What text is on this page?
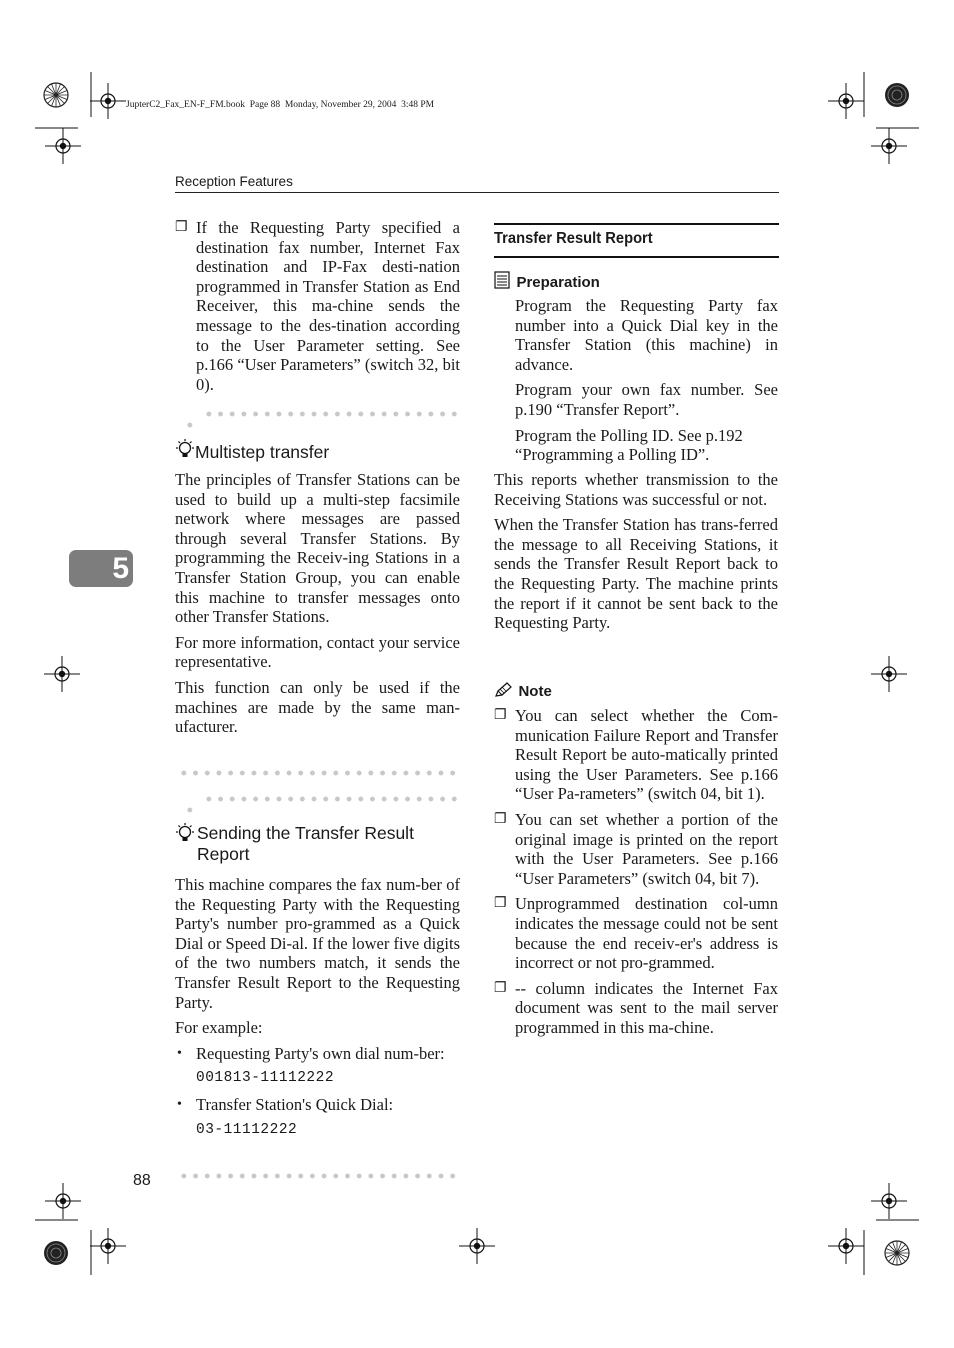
JupterC2_Fax_EN-F_FM.book  Page 88  Monday, November 29, 2004  3:48 PM
Reception Features
5
❐ If the Requesting Party specified a destination fax number, Internet Fax destination and IP-Fax desti-nation programmed in Transfer Station as End Receiver, this ma-chine sends the message to the des-tination according to the User Parameter setting. See p.166 “User Parameters” (switch 32, bit 0).
Multistep transfer

The principles of Transfer Stations can be used to build up a multi-step facsimile network where messages are passed through several Transfer Stations. By programming the Receiv-ing Stations in a Transfer Station Group, you can enable this machine to transfer messages onto other Transfer Stations.

For more information, contact your service representative.

This function can only be used if the machines are made by the same man-ufacturer.

Sending the Transfer Result Report

This machine compares the fax num-ber of the Requesting Party with the Requesting Party's number pro-grammed as a Quick Dial or Speed Di-al. If the lower five digits of the two numbers match, it sends the Transfer Result Report to the Requesting Party.

For example:

• Requesting Party's own dial num-ber:
001813-11112222
• Transfer Station's Quick Dial:
03-11112222
88
Transfer Result Report
Preparation

Program the Requesting Party fax number into a Quick Dial key in the Transfer Station (this machine) in advance.

Program your own fax number. See p.190 “Transfer Report”.

Program the Polling ID. See p.192 “Programming a Polling ID”.

This reports whether transmission to the Receiving Stations was successful or not.

When the Transfer Station has trans-ferred the message to all Receiving Stations, it sends the Transfer Result Report back to the Requesting Party. The machine prints the report if it cannot be sent back to the Requesting Party.

Note
❐ You can select whether the Com-munication Failure Report and Transfer Result Report be auto-matically printed using the User Parameters. See p.166 “User Pa-rameters” (switch 04, bit 1).
❐ You can set whether a portion of the original image is printed on the report with the User Parameters. See p.166 “User Parameters” (switch 04, bit 7).
❐ Unprogrammed destination col-umn indicates the message could not be sent because the end receiv-er's address is incorrect or not pro-grammed.
❐ -- column indicates the Internet Fax document was sent to the mail server programmed in this ma-chine.
